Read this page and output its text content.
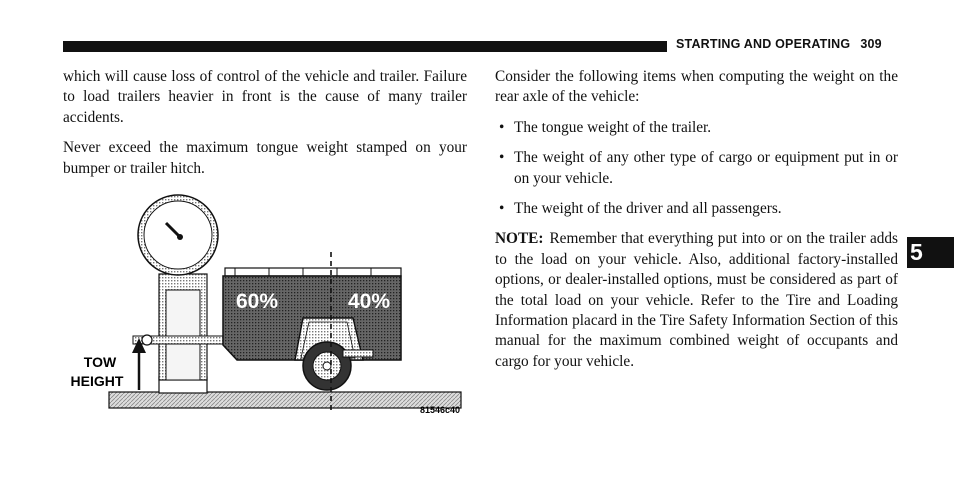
STARTING AND OPERATING 309

which will cause loss of control of the vehicle and trailer. Failure to load trailers heavier in front is the cause of many trailer accidents.

Never exceed the maximum tongue weight stamped on your bumper or trailer hitch.

TOW
HEIGHT
60%	40%
81546c40

Consider the following items when computing the weight on the rear axle of the vehicle:

• The tongue weight of the trailer.
• The weight of any other type of cargo or equipment put in or on your vehicle.
• The weight of the driver and all passengers.

NOTE: Remember that everything put into or on the trailer adds to the load on your vehicle. Also, additional factory-installed options, or dealer-installed options, must be considered as part of the total load on your vehicle. Refer to the Tire and Loading Information placard in the Tire Safety Information Section of this manual for the maximum combined weight of occupants and cargo for your vehicle.

5
